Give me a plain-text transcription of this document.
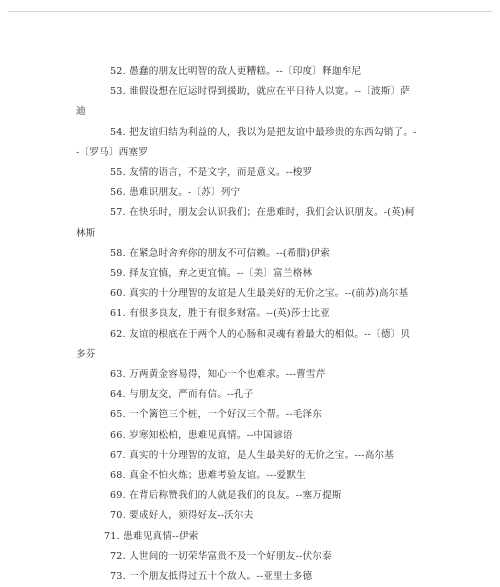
52. 愚蠢的朋友比明智的敌人更糟糕。--〔印度〕释迦牟尼
53. 谁假设想在厄运时得到援助，就应在平日待人以宽。--〔波斯〕萨
迪
54. 把友谊归结为利益的人，我以为是把友谊中最珍贵的东西勾销了。-
-〔罗马〕西塞罗
55. 友情的语言，不是文字，而是意义。--梭罗
56. 患难识朋友。-〔苏〕列宁
57. 在快乐时，朋友会认识我们；在患难时，我们会认识朋友。-(英)柯
林斯
58. 在紧急时舍弃你的朋友不可信赖。--(希腊)伊索
59. 择友宜慎，弃之更宜慎。--〔美〕富兰格林
60. 真实的十分理智的友谊是人生最美好的无价之宝。--(前苏)高尔基
61. 有很多良友，胜于有很多财富。--(英)莎士比亚
62. 友谊的根底在于两个人的心肠和灵魂有着最大的相似。--〔德〕贝
多芬
63. 万两黄金容易得，知心一个也难求。---曹雪芹
64. 与朋友交，严而有信。--孔子
65. 一个篱笆三个桩，一个好汉三个帮。--毛泽东
66. 岁寒知松柏，患难见真情。--中国谚语
67. 真实的十分理智的友谊，是人生最美好的无价之宝。---高尔基
68. 真金不怕火炼；患难考验友谊。---爱默生
69. 在背后称赞我们的人就是我们的良友。--塞万提斯
70. 要成好人，须得好友--沃尔夫
71. 患难见真情--伊索
72. 人世间的一切荣华富贵不及一个好朋友--伏尔泰
73. 一个朋友抵得过五十个敌人。--亚里士多德
